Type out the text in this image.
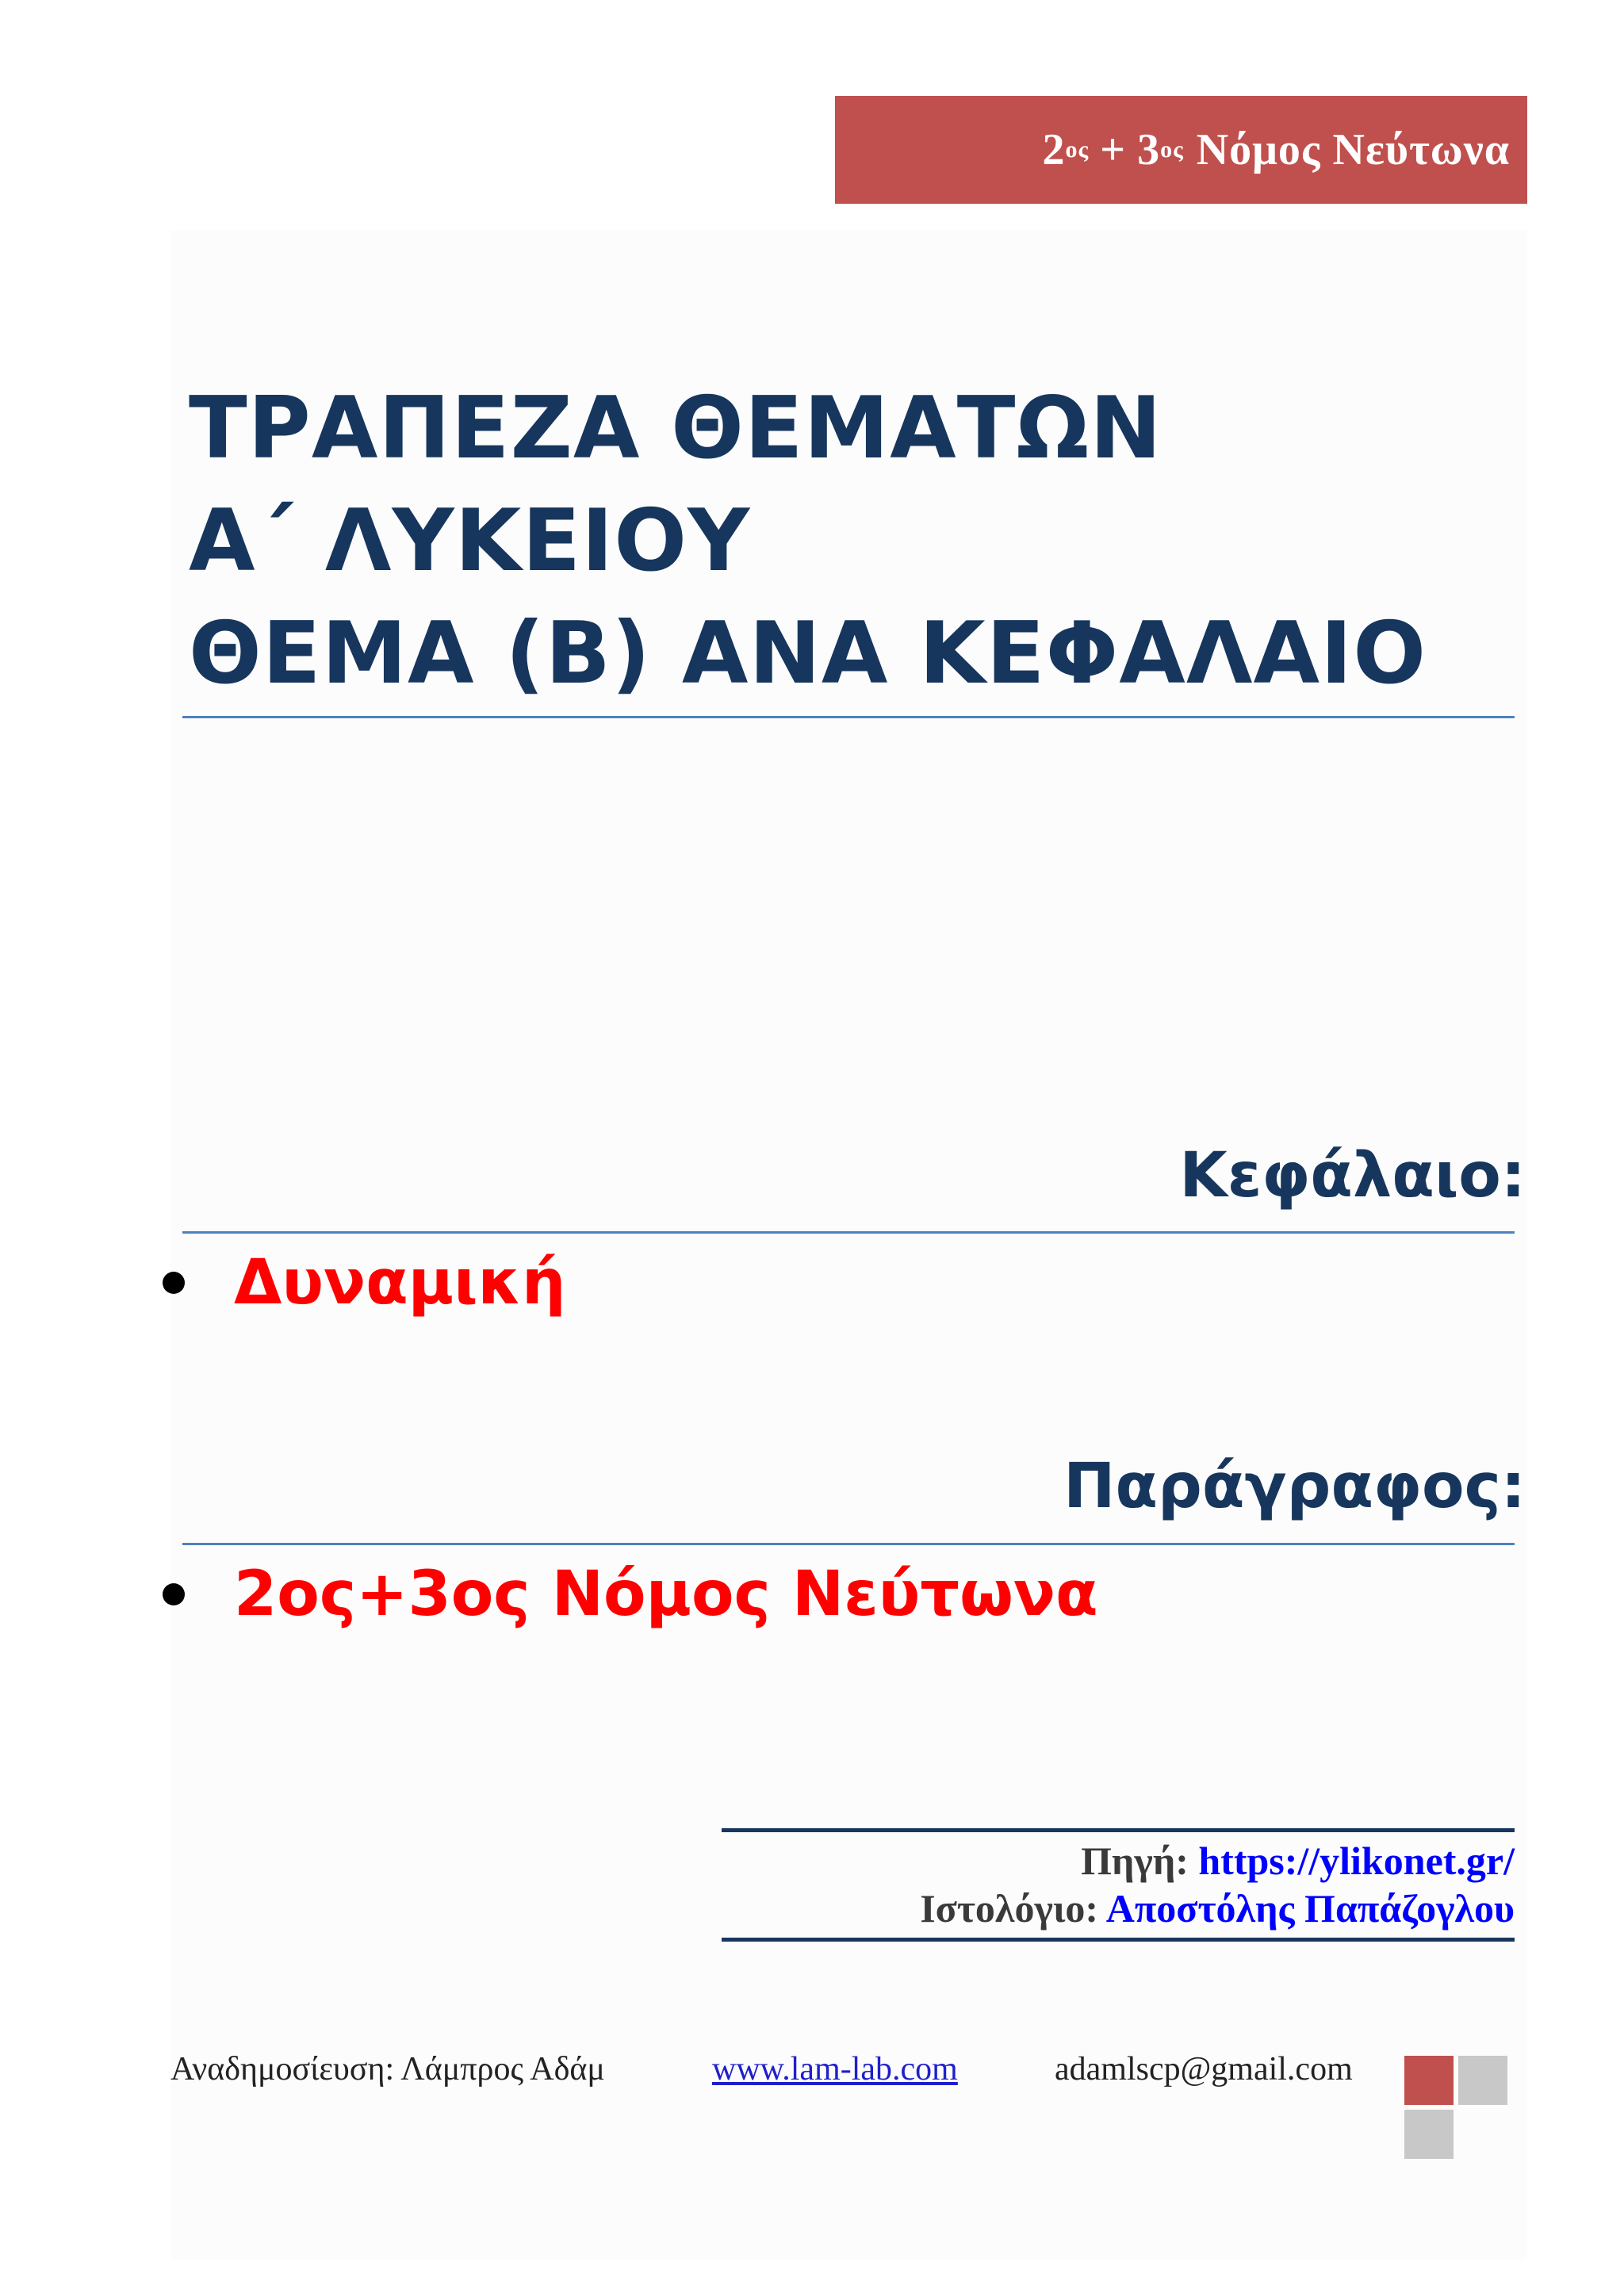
2 ος + 3 ος Νόμος Νεύτωνα
ΤΡΑΠΕΖΑ ΘΕΜΑΤΩΝ
Α΄ ΛΥΚΕΙΟΥ
ΘΕΜΑ (Β) ΑΝΑ ΚΕΦΑΛΑΙΟ
Κεφάλαιο:
Δυναμική
Παράγραφος:
2ος+3ος Νόμος Νεύτωνα
Πηγή: https://ylikonet.gr/
Ιστολόγιο: Αποστόλης Παπάζογλου
Αναδημοσίευση: Λάμπρος Αδάμ	www.lam-lab.com	adamlscp@gmail.com
